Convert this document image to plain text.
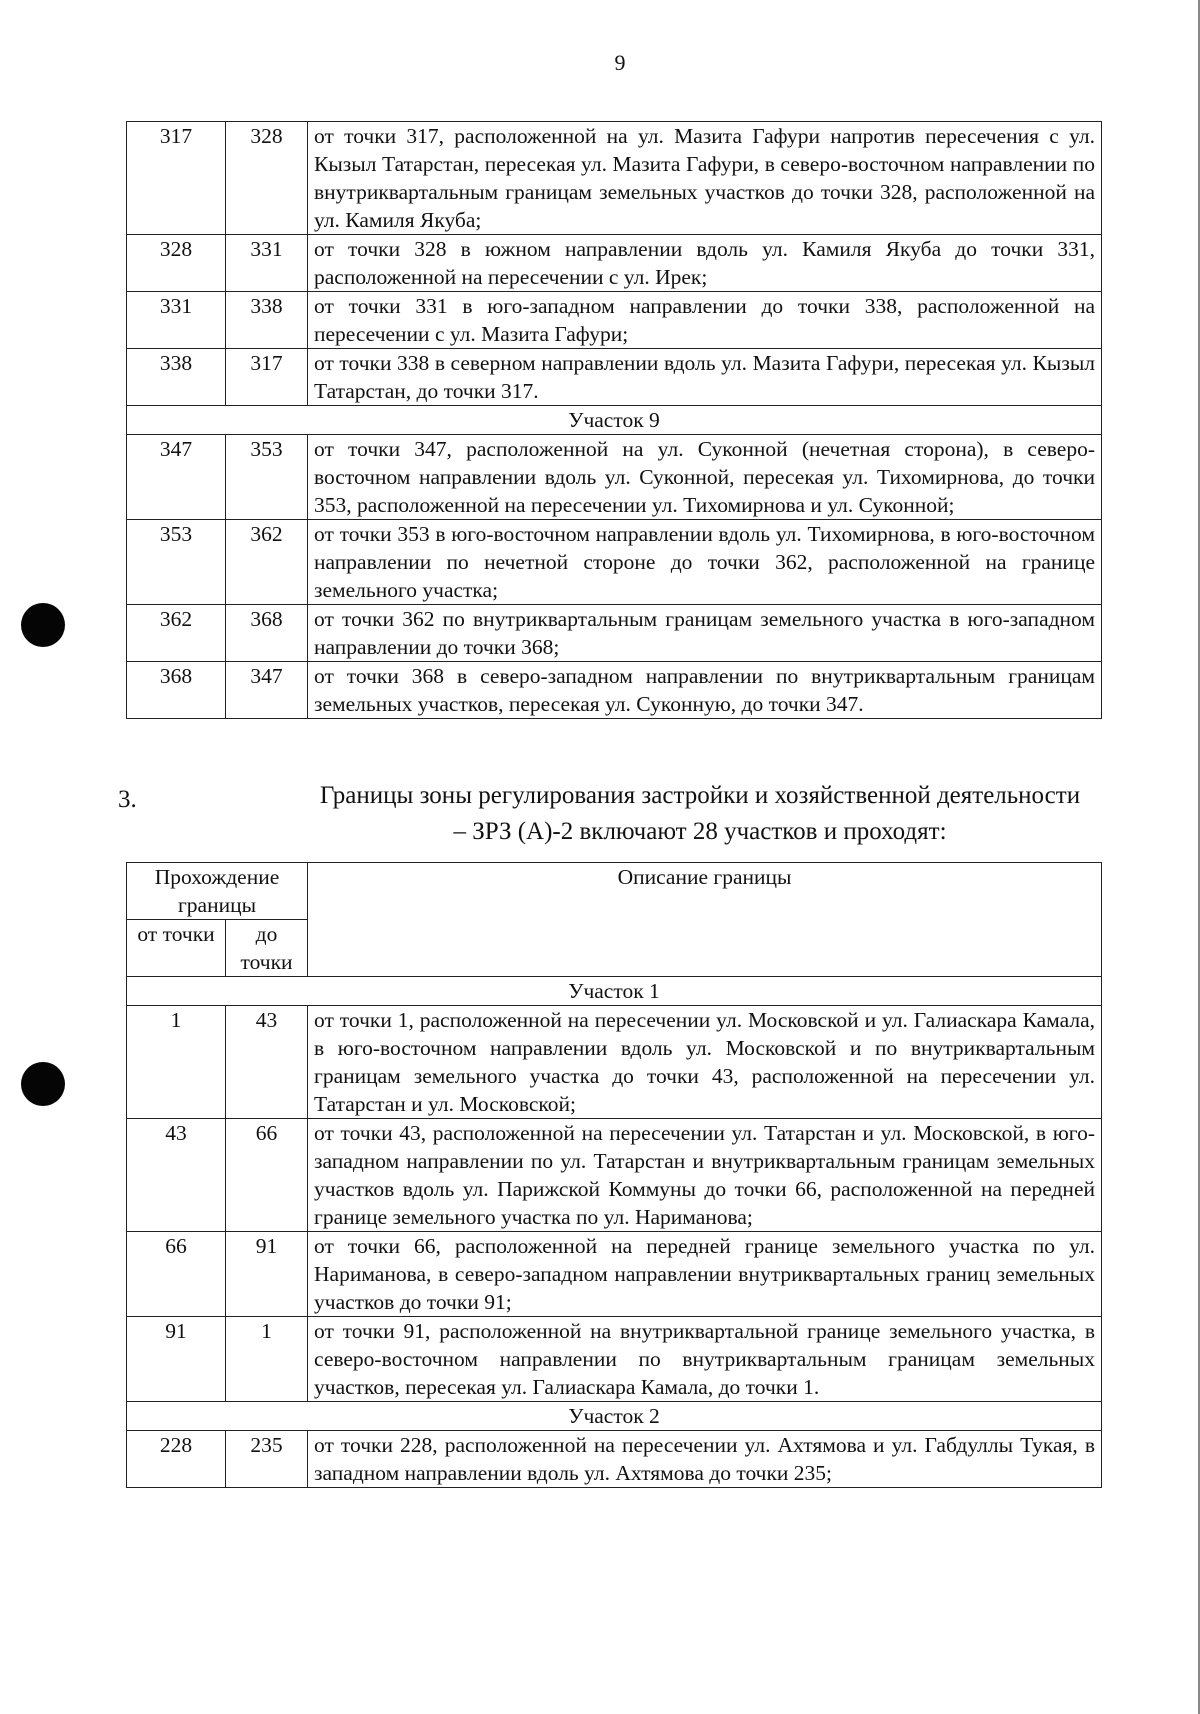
9
317	328	от точки 317, расположенной на ул. Мазита Гафури напротив пересечения с ул. Кызыл Татарстан, пересекая ул. Мазита Гафури, в северо-восточном направлении по внутриквартальным границам земельных участков до точки 328, расположенной на ул. Камиля Якуба;
328	331	от точки 328 в южном направлении вдоль ул. Камиля Якуба до точки 331, расположенной на пересечении с ул. Ирек;
331	338	от точки 331 в юго-западном направлении до точки 338, расположенной на пересечении с ул. Мазита Гафури;
338	317	от точки 338 в северном направлении вдоль ул. Мазита Гафури, пересекая ул. Кызыл Татарстан, до точки 317.
Участок 9		
347	353	от точки 347, расположенной на ул. Суконной (нечетная сторона), в северо-восточном направлении вдоль ул. Суконной, пересекая ул. Тихомирнова, до точки 353, расположенной на пересечении ул. Тихомирнова и ул. Суконной;
353	362	от точки 353 в юго-восточном направлении вдоль ул. Тихомирнова, в юго-восточном направлении по нечетной стороне до точки 362, расположенной на границе земельного участка;
362	368	от точки 362 по внутриквартальным границам земельного участка в юго-западном направлении до точки 368;
368	347	от точки 368 в северо-западном направлении по внутриквартальным границам земельных участков, пересекая ул. Суконную, до точки 347.
3.	Границы зоны регулирования застройки и хозяйственной деятельности
– ЗРЗ (А)-2 включают 28 участков и проходят:
Прохождение границы		Описание границы
от точки	до точки	
Участок 1		
1	43	от точки 1, расположенной на пересечении ул. Московской и ул. Галиаскара Камала, в юго-восточном направлении вдоль ул. Московской и по внутриквартальным границам земельного участка до точки 43, расположенной на пересечении ул. Татарстан и ул. Московской;
43	66	от точки 43, расположенной на пересечении ул. Татарстан и ул. Московской, в юго-западном направлении по ул. Татарстан и внутриквартальным границам земельных участков вдоль ул. Парижской Коммуны до точки 66, расположенной на передней границе земельного участка по ул. Нариманова;
66	91	от точки 66, расположенной на передней границе земельного участка по ул. Нариманова, в северо-западном направлении внутриквартальных границ земельных участков до точки 91;
91	1	от точки 91, расположенной на внутриквартальной границе земельного участка, в северо-восточном направлении по внутриквартальным границам земельных участков, пересекая ул. Галиаскара Камала, до точки 1.
Участок 2		
228	235	от точки 228, расположенной на пересечении ул. Ахтямова и ул. Габдуллы Тукая, в западном направлении вдоль ул. Ахтямова до точки 235;
